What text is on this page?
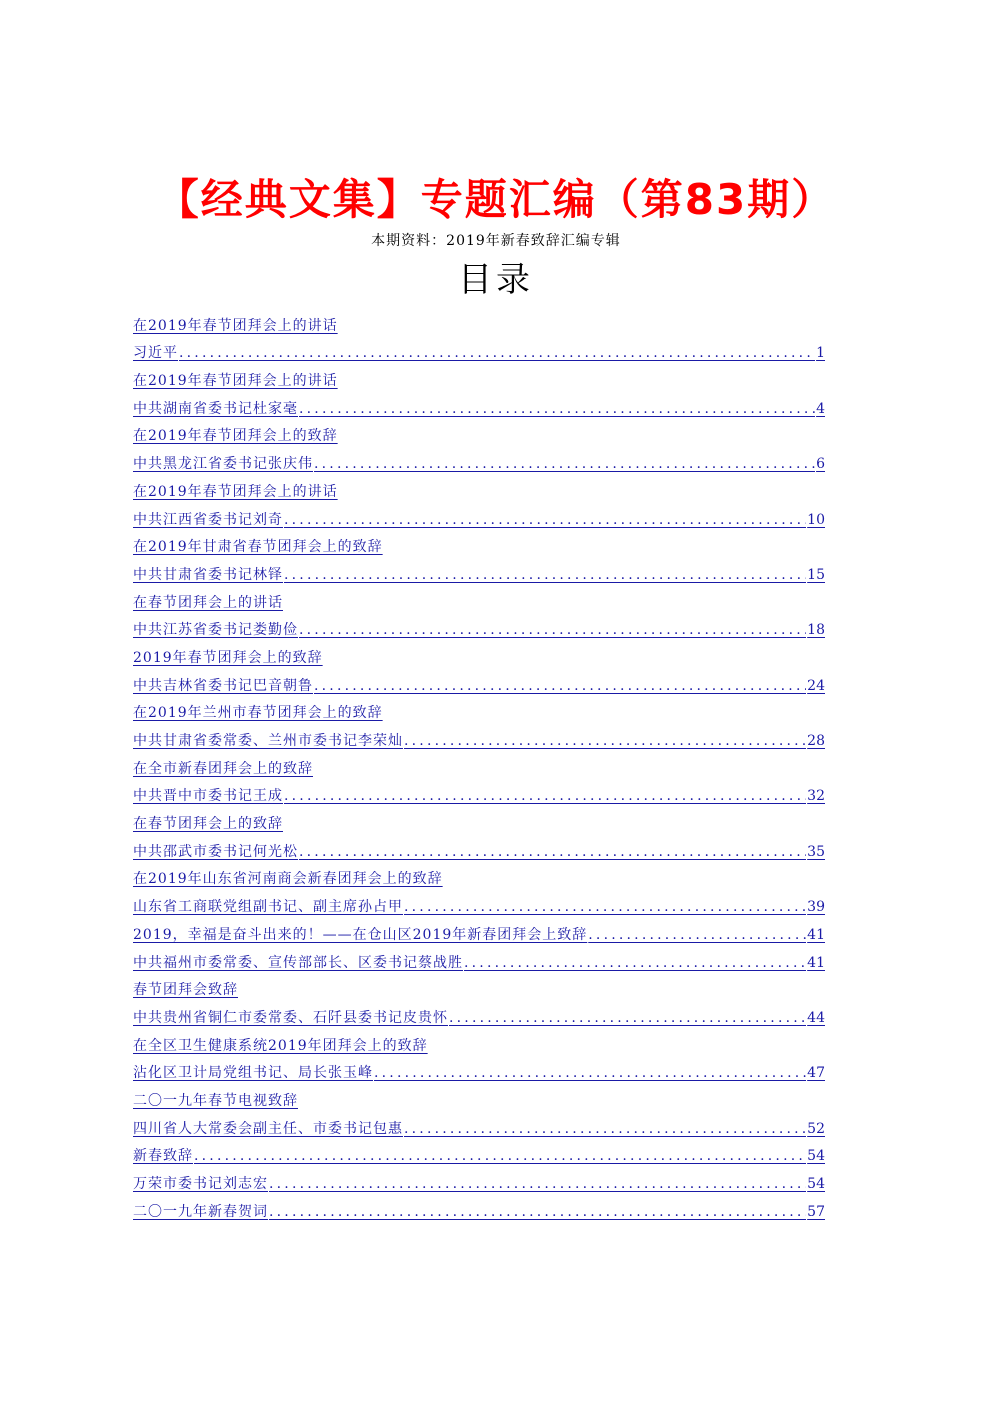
【经典文集】专题汇编（第83期）
本期资料：2019年新春致辞汇编专辑
目录
在2019年春节团拜会上的讲话
习近平 .....	1
在2019年春节团拜会上的讲话
中共湖南省委书记杜家毫 .....	4
在2019年春节团拜会上的致辞
中共黑龙江省委书记张庆伟 .....	6
在2019年春节团拜会上的讲话
中共江西省委书记刘奇 .....	10
在2019年甘肃省春节团拜会上的致辞
中共甘肃省委书记林铎 .....	15
在春节团拜会上的讲话
中共江苏省委书记娄勤俭 .....	18
2019年春节团拜会上的致辞
中共吉林省委书记巴音朝鲁 .....	24
在2019年兰州市春节团拜会上的致辞
中共甘肃省委常委、兰州市委书记李荣灿 .....	28
在全市新春团拜会上的致辞
中共晋中市委书记王成 .....	32
在春节团拜会上的致辞
中共邵武市委书记何光松 .....	35
在2019年山东省河南商会新春团拜会上的致辞
山东省工商联党组副书记、副主席孙占甲 .....	39
2019，幸福是奋斗出来的！——在仓山区2019年新春团拜会上致辞 .....	41
中共福州市委常委、宣传部部长、区委书记蔡战胜 .....	41
春节团拜会致辞
中共贵州省铜仁市委常委、石阡县委书记皮贵怀 .....	44
在全区卫生健康系统2019年团拜会上的致辞
沾化区卫计局党组书记、局长张玉峰 .....	47
二〇一九年春节电视致辞
四川省人大常委会副主任、市委书记包惠 .....	52
新春致辞 .....	54
万荣市委书记刘志宏 .....	54
二〇一九年新春贺词 .....	57
